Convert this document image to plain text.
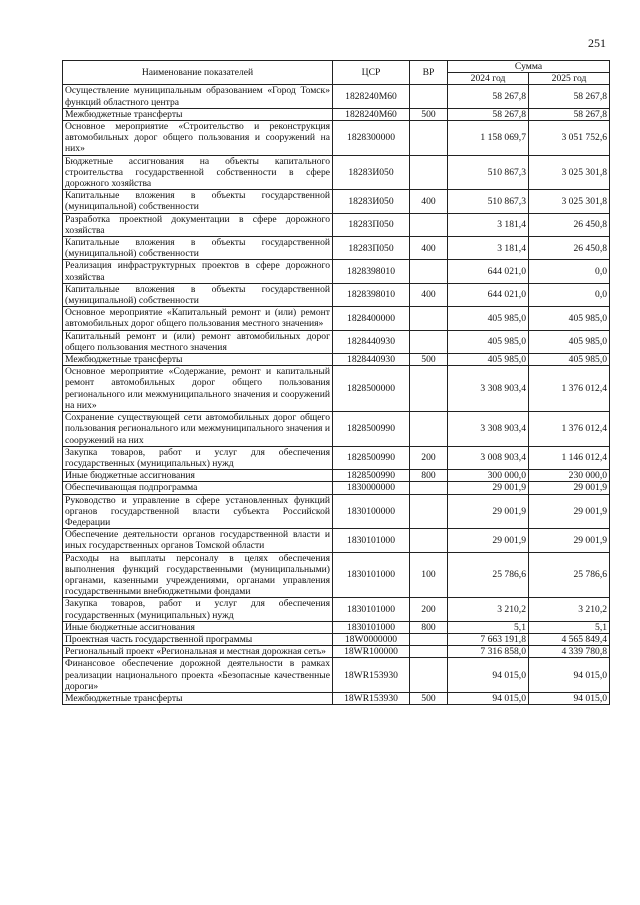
251
Наименование показателей	ЦСР	ВР	Сумма	
			2024 год	2025 год
Осуществление муниципальным образованием «Город Томск» функций областного центра	1828240М60		58 267,8	58 267,8
Межбюджетные трансферты	1828240М60	500	58 267,8	58 267,8
Основное мероприятие «Строительство и реконструкция автомобильных дорог общего пользования и сооружений на них»	1828300000		1 158 069,7	3 051 752,6
Бюджетные ассигнования на объекты капитального строительства государственной собственности в сфере дорожного хозяйства	18283И050		510 867,3	3 025 301,8
Капитальные вложения в объекты государственной (муниципальной) собственности	18283И050	400	510 867,3	3 025 301,8
Разработка проектной документации в сфере дорожного хозяйства	18283П050		3 181,4	26 450,8
Капитальные вложения в объекты государственной (муниципальной) собственности	18283П050	400	3 181,4	26 450,8
Реализация инфраструктурных проектов в сфере дорожного хозяйства	1828398010		644 021,0	0,0
Капитальные вложения в объекты государственной (муниципальной) собственности	1828398010	400	644 021,0	0,0
Основное мероприятие «Капитальный ремонт и (или) ремонт автомобильных дорог общего пользования местного значения»	1828400000		405 985,0	405 985,0
Капитальный ремонт и (или) ремонт автомобильных дорог общего пользования местного значения	1828440930		405 985,0	405 985,0
Межбюджетные трансферты	1828440930	500	405 985,0	405 985,0
Основное мероприятие «Содержание, ремонт и капитальный ремонт автомобильных дорог общего пользования регионального или межмуниципального значения и сооружений на них»	1828500000		3 308 903,4	1 376 012,4
Сохранение существующей сети автомобильных дорог общего пользования регионального или межмуниципального значения и сооружений на них	1828500990		3 308 903,4	1 376 012,4
Закупка товаров, работ и услуг для обеспечения государственных (муниципальных) нужд	1828500990	200	3 008 903,4	1 146 012,4
Иные бюджетные ассигнования	1828500990	800	300 000,0	230 000,0
Обеспечивающая подпрограмма	1830000000		29 001,9	29 001,9
Руководство и управление в сфере установленных функций органов государственной власти субъекта Российской Федерации	1830100000		29 001,9	29 001,9
Обеспечение деятельности органов государственной власти и иных государственных органов Томской области	1830101000		29 001,9	29 001,9
Расходы на выплаты персоналу в целях обеспечения выполнения функций государственными (муниципальными) органами, казенными учреждениями, органами управления государственными внебюджетными фондами	1830101000	100	25 786,6	25 786,6
Закупка товаров, работ и услуг для обеспечения государственных (муниципальных) нужд	1830101000	200	3 210,2	3 210,2
Иные бюджетные ассигнования	1830101000	800	5,1	5,1
Проектная часть государственной программы	18W0000000		7 663 191,8	4 565 849,4
Региональный проект «Региональная и местная дорожная сеть»	18WR100000		7 316 858,0	4 339 780,8
Финансовое обеспечение дорожной деятельности в рамках реализации национального проекта «Безопасные качественные дороги»	18WR153930		94 015,0	94 015,0
Межбюджетные трансферты	18WR153930	500	94 015,0	94 015,0
